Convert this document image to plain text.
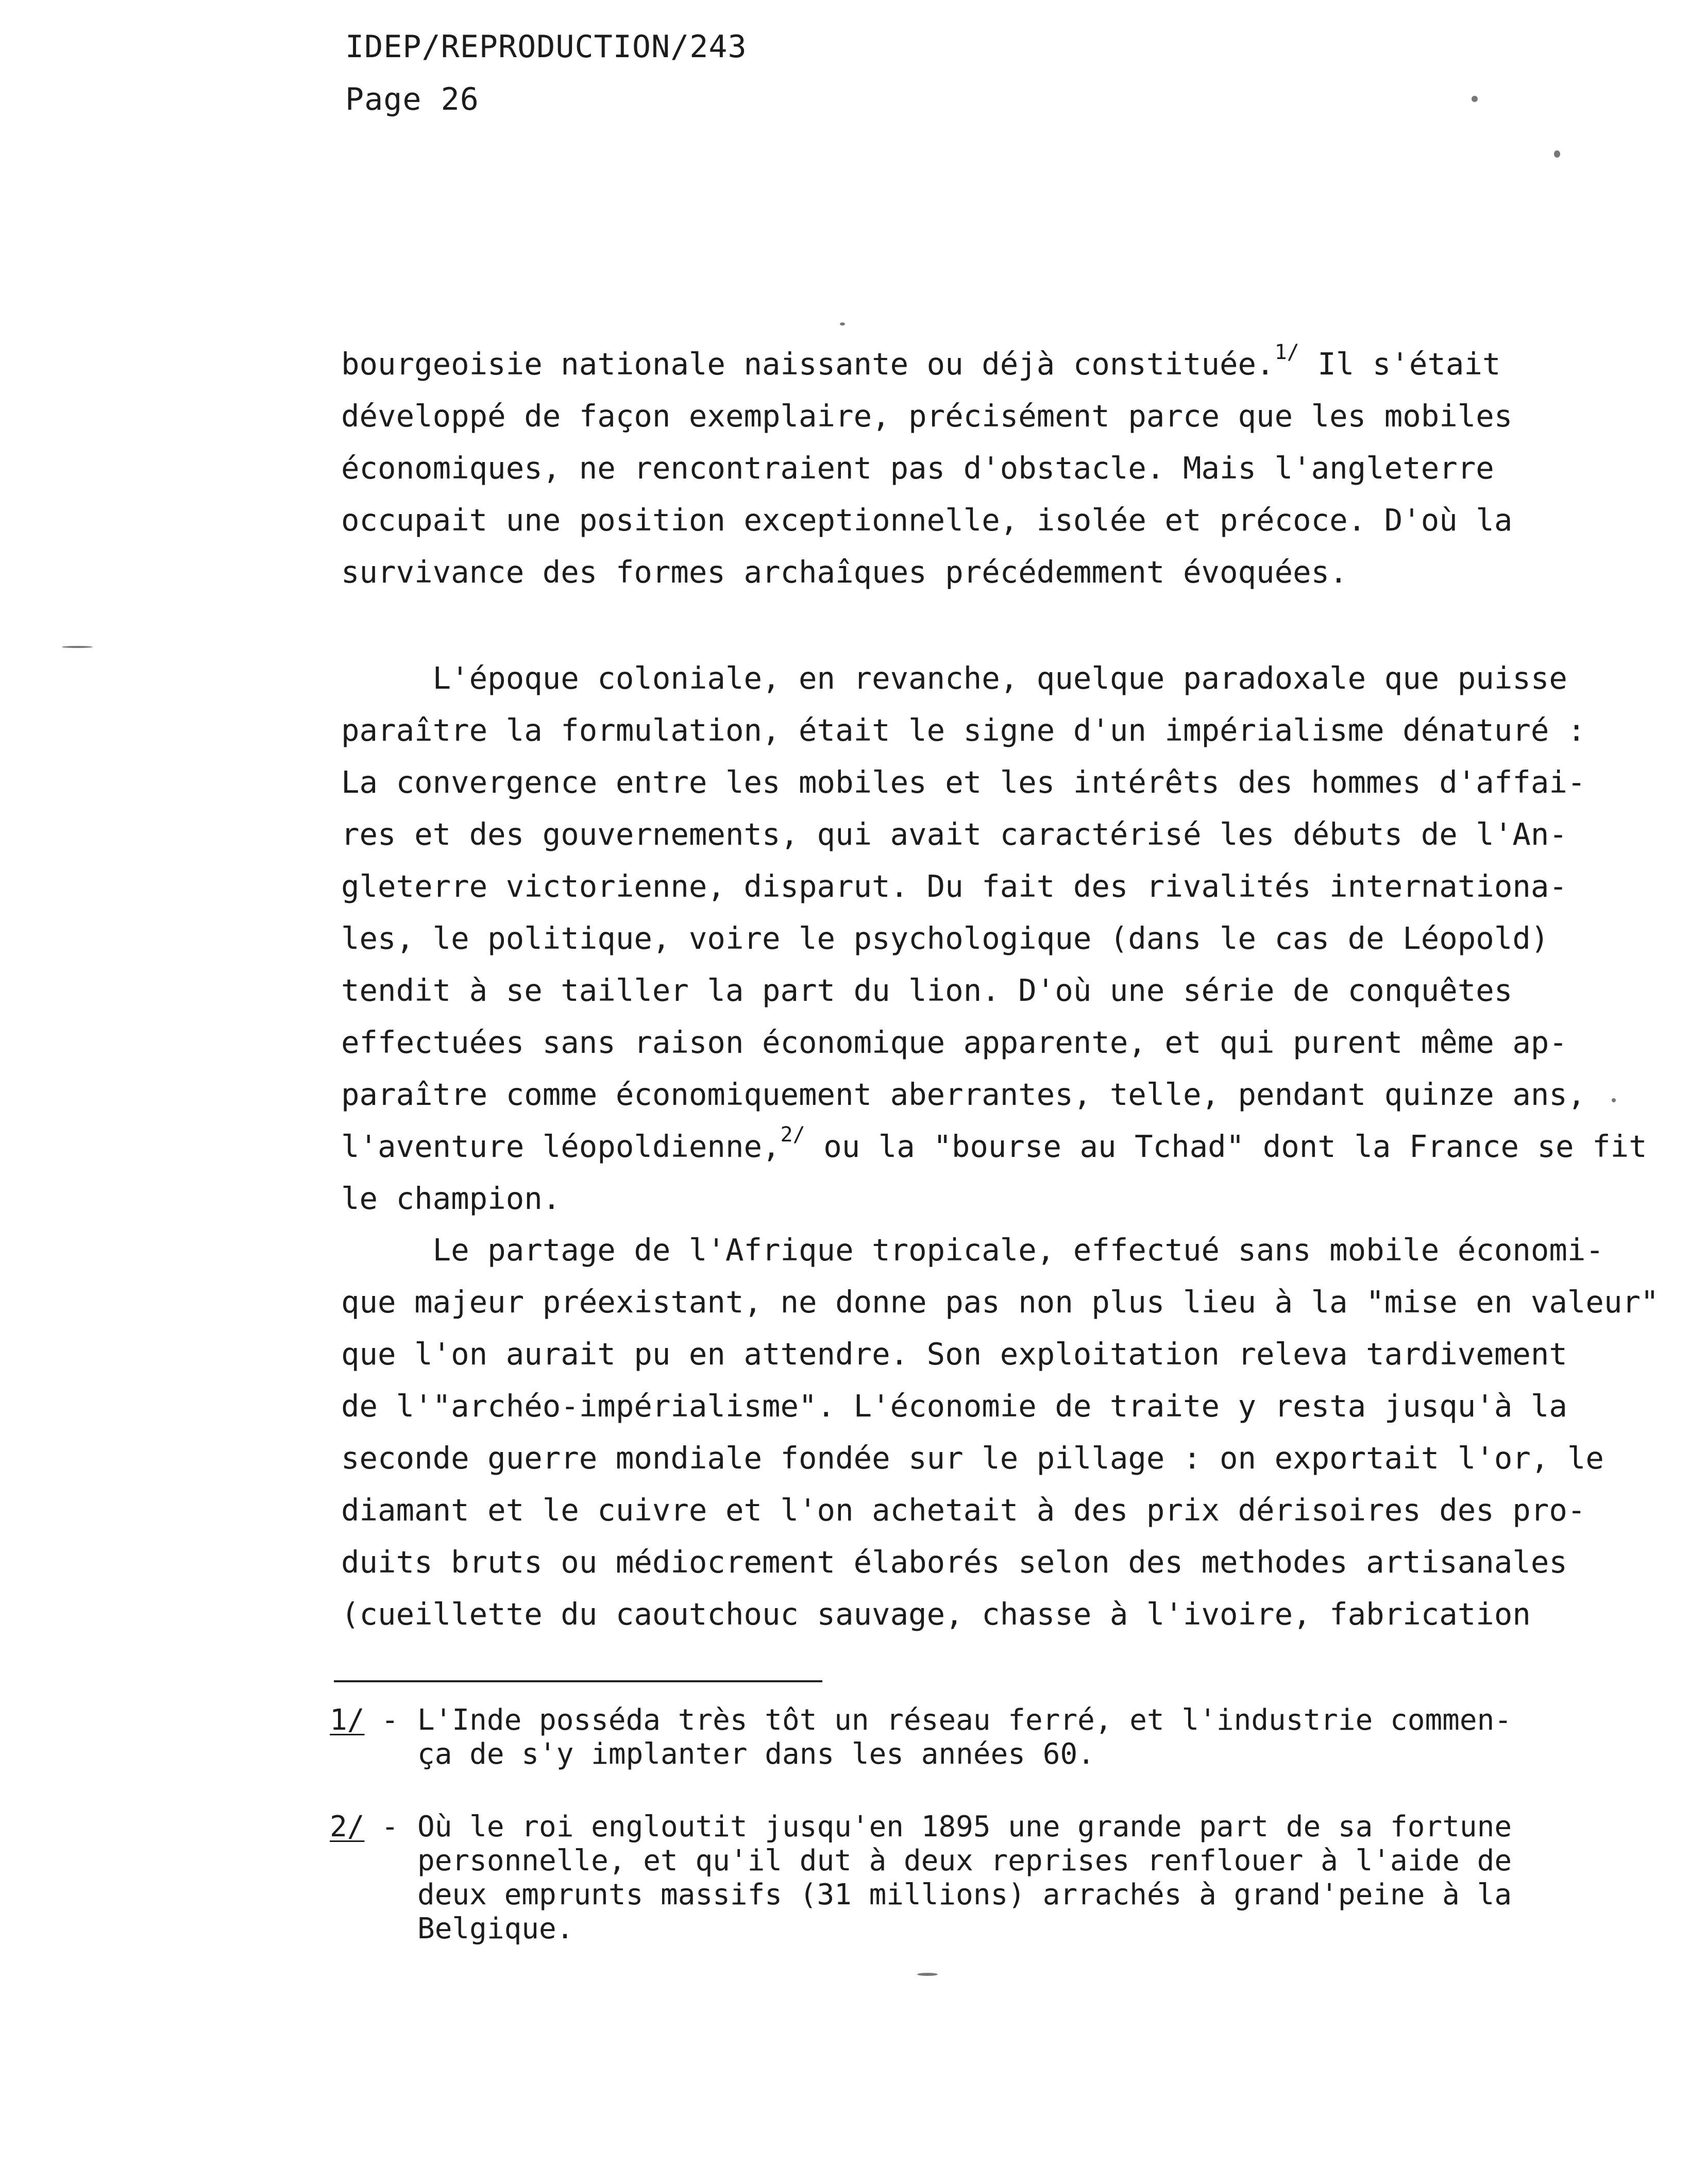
IDEP/REPRODUCTION/243
Page 26
bourgeoisie nationale naissante ou déjà constituée.$^{1/}$ Il s'était
développé de façon exemplaire, précisément parce que les mobiles
économiques, ne rencontraient pas d'obstacle. Mais l'angleterre
occupait une position exceptionnelle, isolée et précoce. D'où la
survivance des formes archaîques précédemment évoquées.
L'époque coloniale, en revanche, quelque paradoxale que puisse
paraître la formulation, était le signe d'un impérialisme dénaturé :
La convergence entre les mobiles et les intérêts des hommes d'affai-
res et des gouvernements, qui avait caractérisé les débuts de l'An-
gleterre victorienne, disparut. Du fait des rivalités internationa-
les, le politique, voire le psychologique (dans le cas de Léopold)
tendit à se tailler la part du lion. D'où une série de conquêtes
effectuées sans raison économique apparente, et qui purent même ap-
paraître comme économiquement aberrantes, telle, pendant quinze ans,
l'aventure léopoldienne,$^{2/}$ ou la "bourse au Tchad" dont la France se fit
le champion.
Le partage de l'Afrique tropicale, effectué sans mobile économi-
que majeur préexistant, ne donne pas non plus lieu à la "mise en valeur"
que l'on aurait pu en attendre. Son exploitation releva tardivement
de l'"archéo-impérialisme". L'économie de traite y resta jusqu'à la
seconde guerre mondiale fondée sur le pillage : on exportait l'or, le
diamant et le cuivre et l'on achetait à des prix dérisoires des pro-
duits bruts ou médiocrement élaborés selon des methodes artisanales
(cueillette du caoutchouc sauvage, chasse à l'ivoire, fabrication
1/ - L'Inde posséda très tôt un réseau ferré, et l'industrie commen-
ça de s'y implanter dans les années 60.
2/ - Où le roi engloutit jusqu'en 1895 une grande part de sa fortune
personnelle, et qu'il dut à deux reprises renflouer à l'aide de
deux emprunts massifs (31 millions) arrachés à grand'peine à la
Belgique.
